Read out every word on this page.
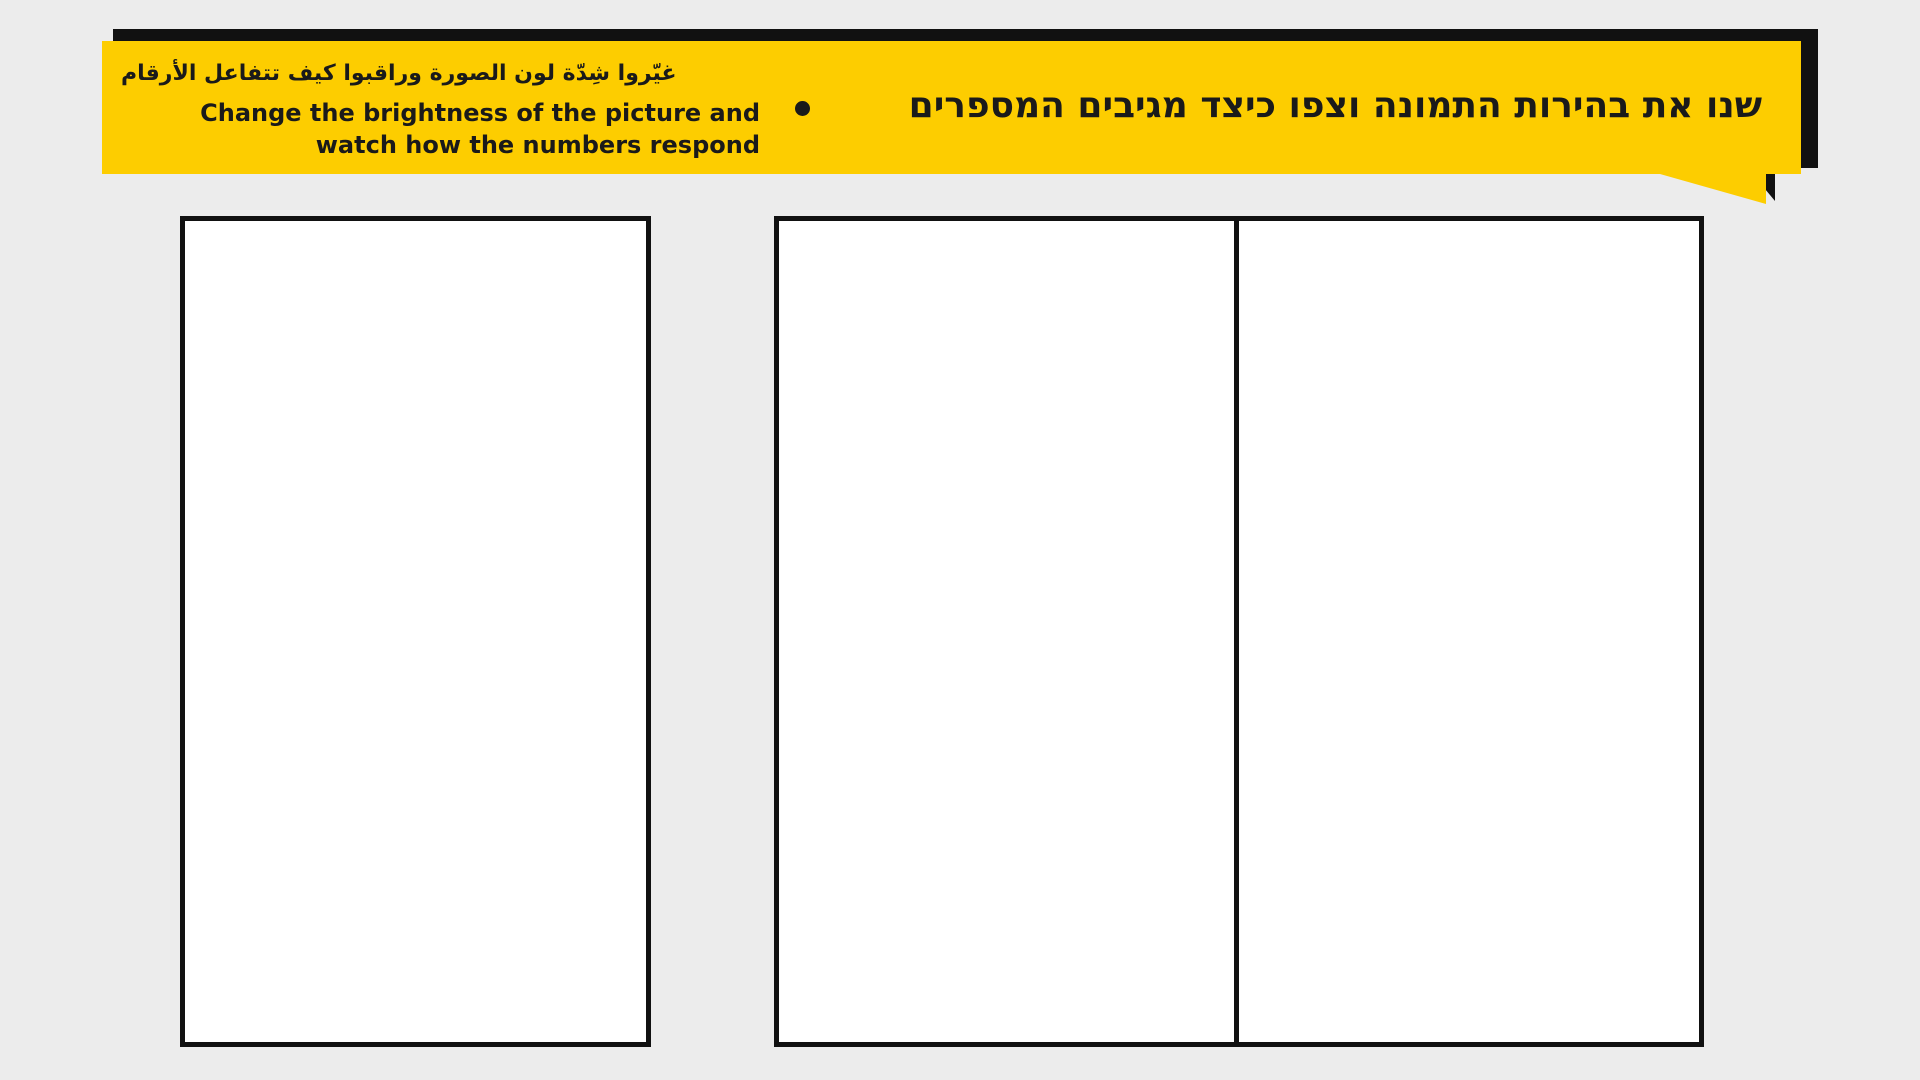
שנו את בהירות התמונה וצפו כיצד מגיבים המספרים
غيّروا شِدّة لون الصورة وراقبوا كيف تتفاعل الأرقام
Change the brightness of the picture and watch how the numbers respond
